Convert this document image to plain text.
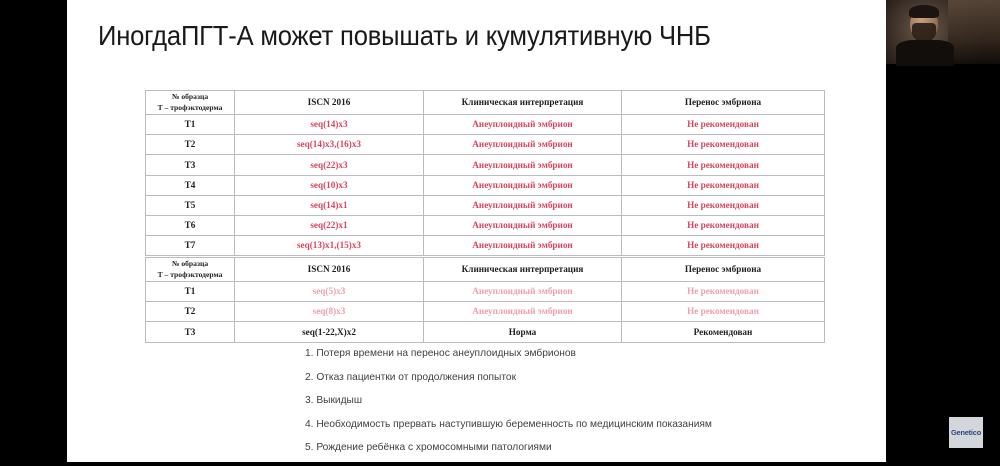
ИногдаПГТ-А может повышать и кумулятивную ЧНБ
№ образца
Т – трофэктодерма	ISCN 2016	Клиническая интерпретация	Перенос эмбриона
T1	seq(14)x3	Анеуплоидный эмбрион	Не рекомендован
T2	seq(14)x3,(16)x3	Анеуплоидный эмбрион	Не рекомендован
T3	seq(22)x3	Анеуплоидный эмбрион	Не рекомендован
T4	seq(10)x3	Анеуплоидный эмбрион	Не рекомендован
T5	seq(14)x1	Анеуплоидный эмбрион	Не рекомендован
T6	seq(22)x1	Анеуплоидный эмбрион	Не рекомендован
T7	seq(13)x1,(15)x3	Анеуплоидный эмбрион	Не рекомендован
№ образца
Т – трофэктодерма	ISCN 2016	Клиническая интерпретация	Перенос эмбриона
T1	seq(5)x3	Анеуплоидный эмбрион	Не рекомендован
T2	seq(8)x3	Анеуплоидный эмбрион	Не рекомендован
T3	seq(1-22,X)x2	Норма	Рекомендован
1. Потеря времени на перенос анеуплоидных эмбрионов
2. Отказ пациентки от продолжения попыток
3. Выкидыш
4. Необходимость прервать наступившую беременность по медицинским показаниям
5. Рождение ребёнка с хромосомными патологиями
Genetico
